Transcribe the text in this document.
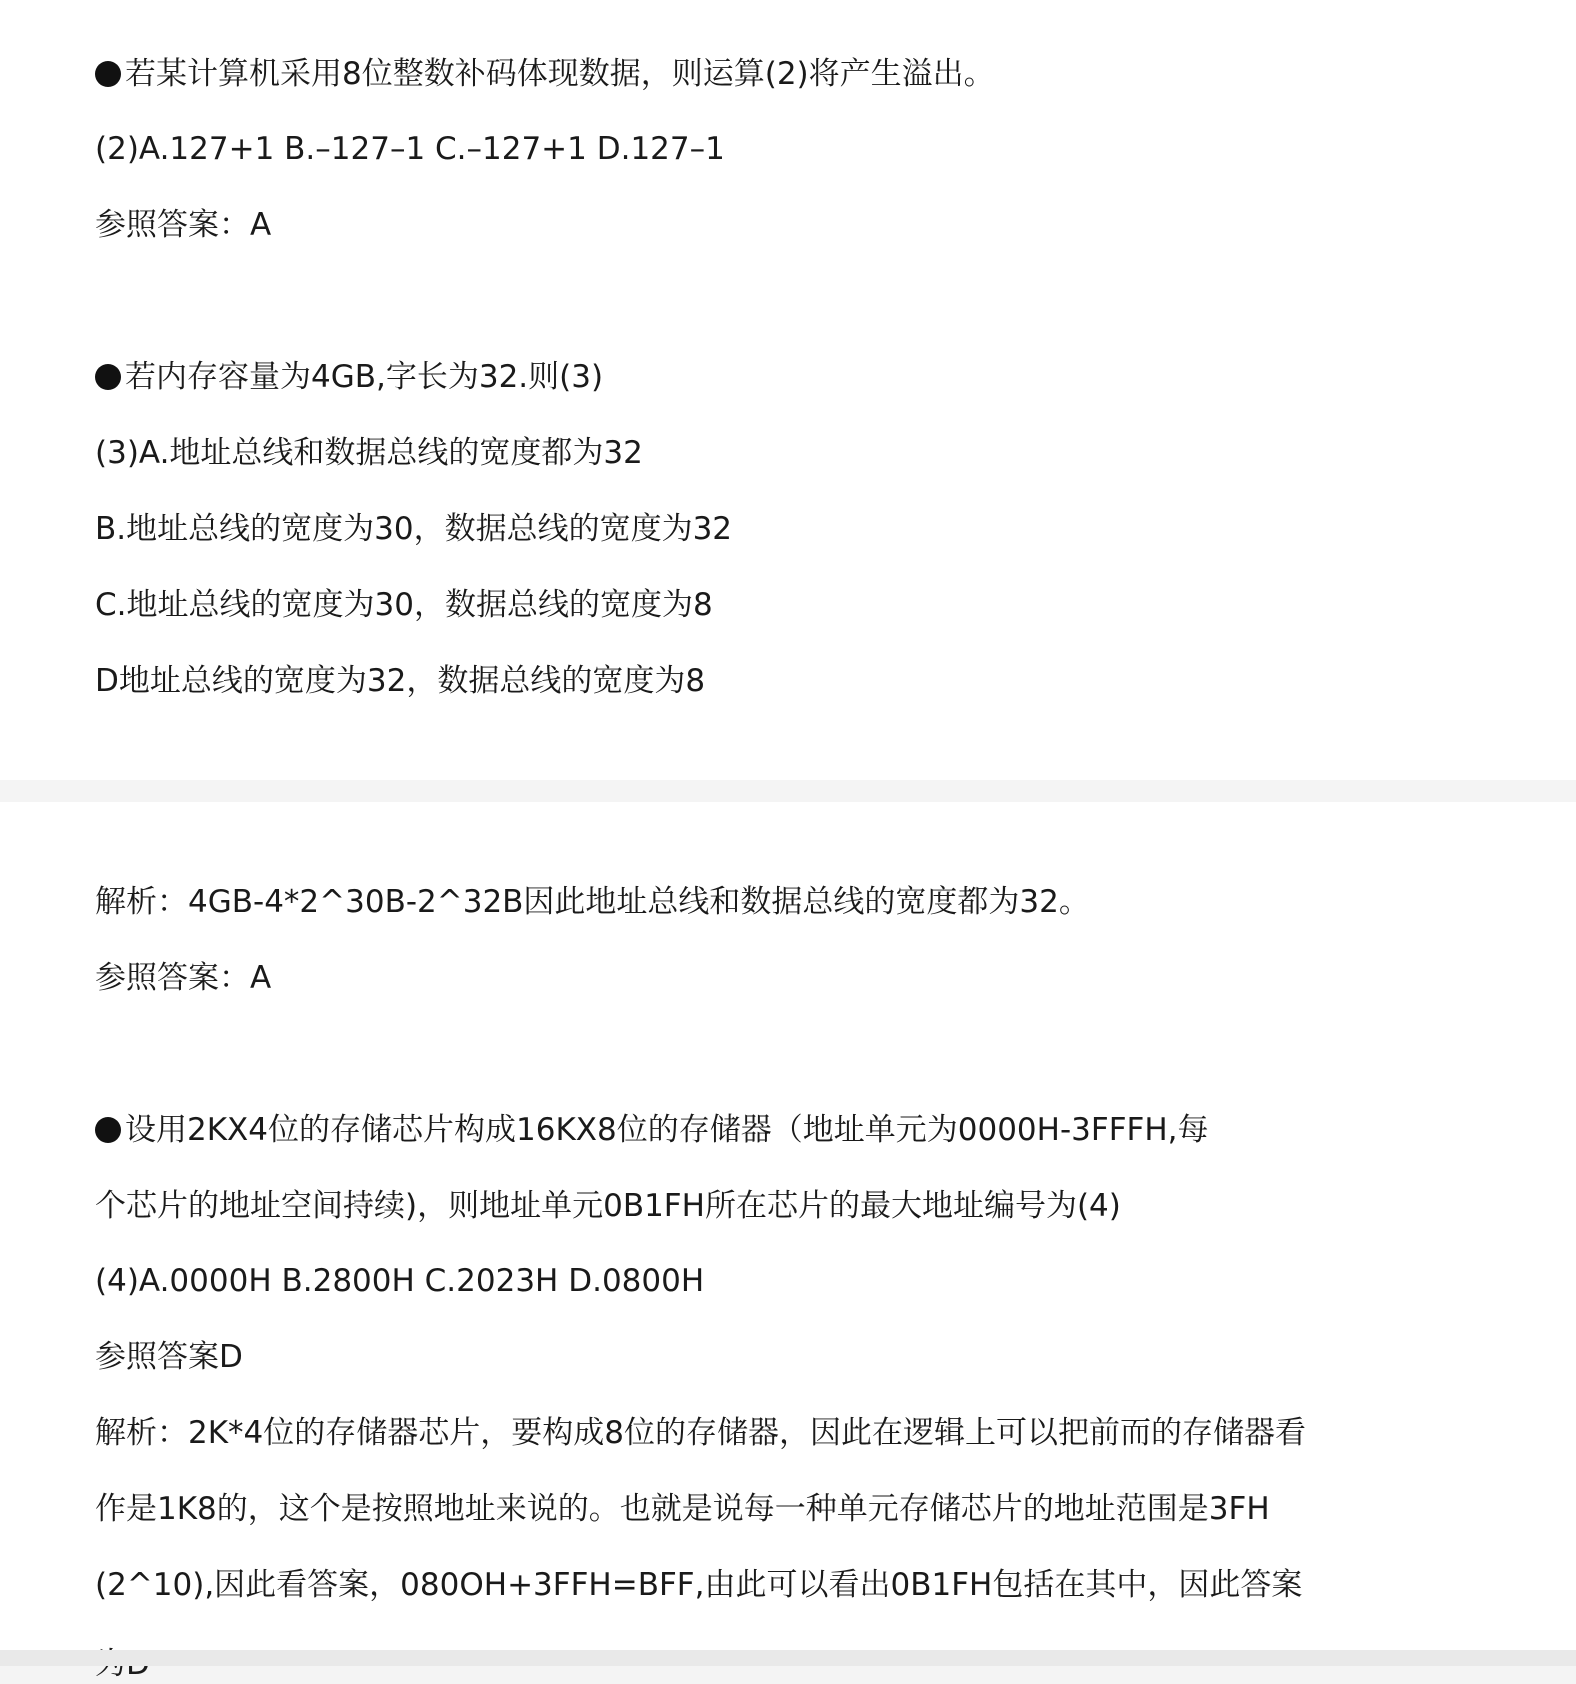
若某计算机采用8位整数补码体现数据，则运算(2)将产生溢出。
(2)A.127+1 B.–127–1 C.–127+1 D.127–1
参照答案：A
若内存容量为4GB,字长为32.则(3)
(3)A.地址总线和数据总线的宽度都为32
B.地址总线的宽度为30，数据总线的宽度为32
C.地址总线的宽度为30，数据总线的宽度为8
D地址总线的宽度为32，数据总线的宽度为8
解析：4GB-4*2^30B-2^32B因此地址总线和数据总线的宽度都为32。
参照答案：A
设用2KX4位的存储芯片构成16KX8位的存储器（地址单元为0000H-3FFFH,每
个芯片的地址空间持续)，则地址单元0B1FH所在芯片的最大地址编号为(4)
(4)A.0000H B.2800H C.2023H D.0800H
参照答案D
解析：2K*4位的存储器芯片，要构成8位的存储器，因此在逻辑上可以把前而的存储器看
作是1K8的，这个是按照地址来说的。也就是说每一种单元存储芯片的地址范围是3FH
(2^10),因此看答案，080OH+3FFH=BFF,由此可以看出0B1FH包括在其中，因此答案
